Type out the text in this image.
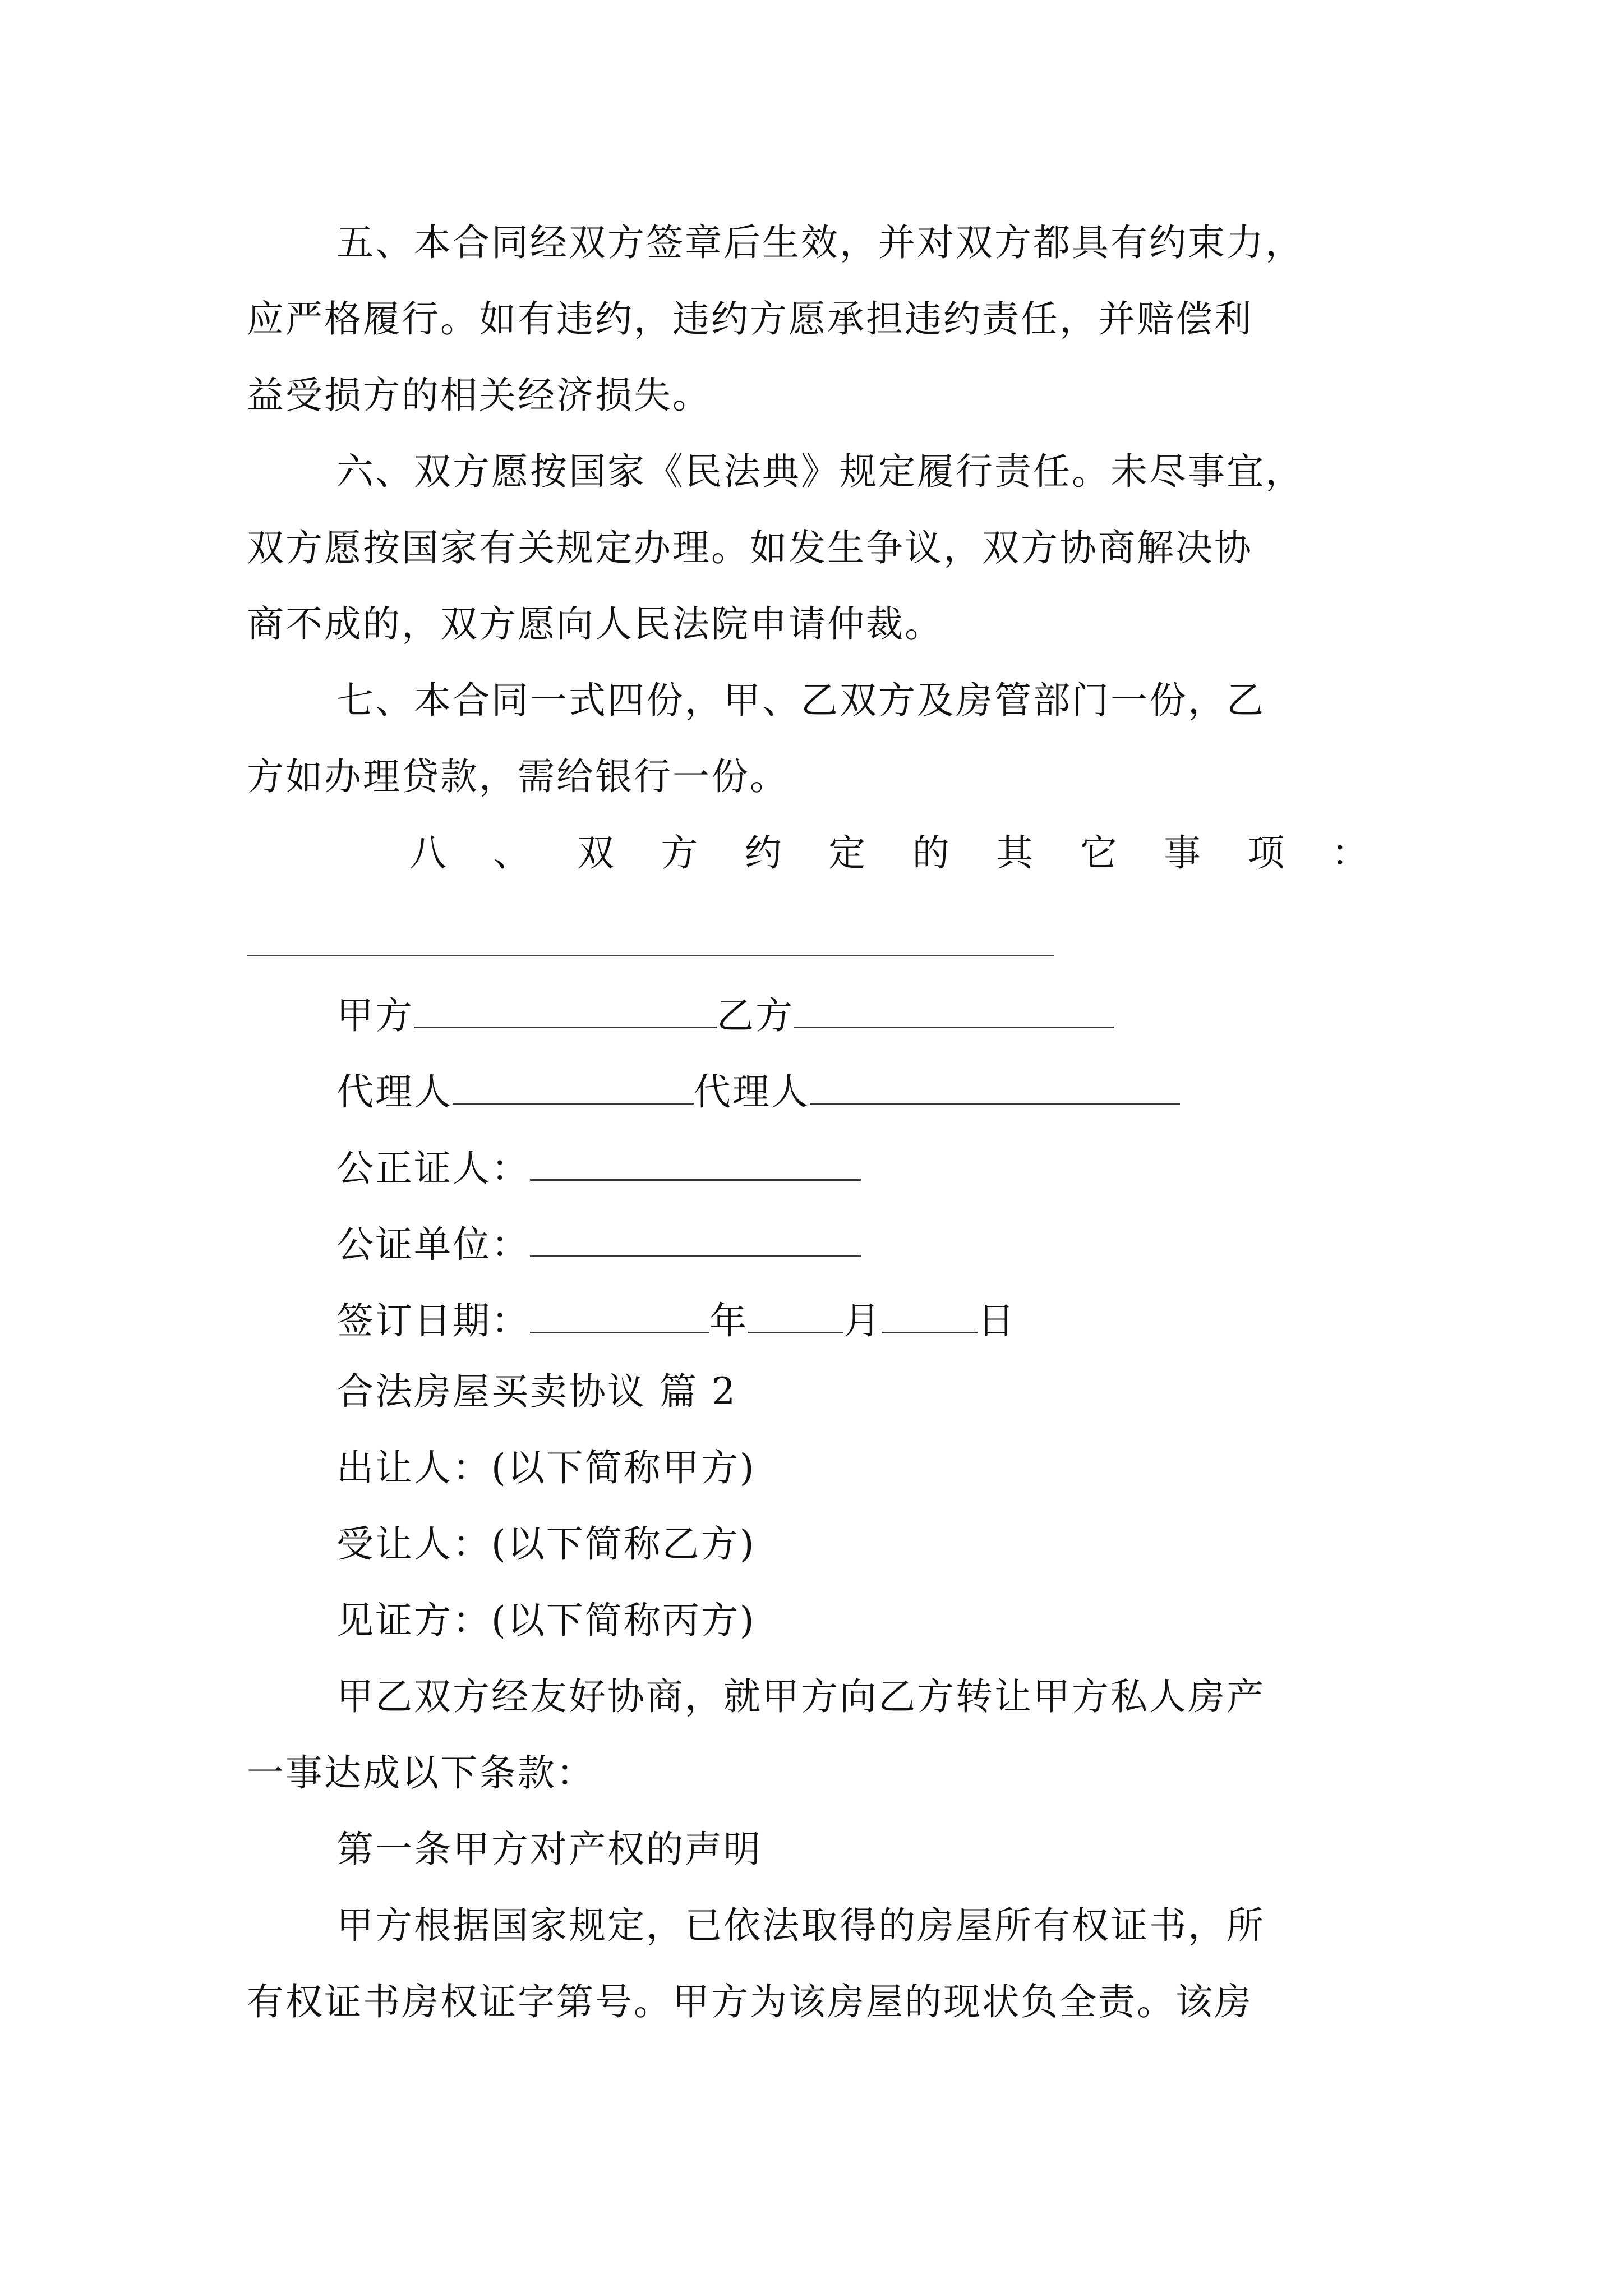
五、本合同经双方签章后生效，并对双方都具有约束力，
应严格履行。如有违约，违约方愿承担违约责任，并赔偿利
益受损方的相关经济损失。
六、双方愿按国家《民法典》规定履行责任。未尽事宜，
双方愿按国家有关规定办理。如发生争议，双方协商解决协
商不成的，双方愿向人民法院申请仲裁。
七、本合同一式四份，甲、乙双方及房管部门一份，乙
方如办理贷款，需给银行一份。
八 、 双 方 约 定 的 其 它 事 项 ：
甲方	乙方
代理人	代理人
公正证人：
公证单位：
签订日期：	年	月	日
合法房屋买卖协议 篇 2
出让人：(以下简称甲方)
受让人：(以下简称乙方)
见证方：(以下简称丙方)
甲乙双方经友好协商，就甲方向乙方转让甲方私人房产
一事达成以下条款：
第一条甲方对产权的声明
甲方根据国家规定，已依法取得的房屋所有权证书，所
有权证书房权证字第号。甲方为该房屋的现状负全责。该房
